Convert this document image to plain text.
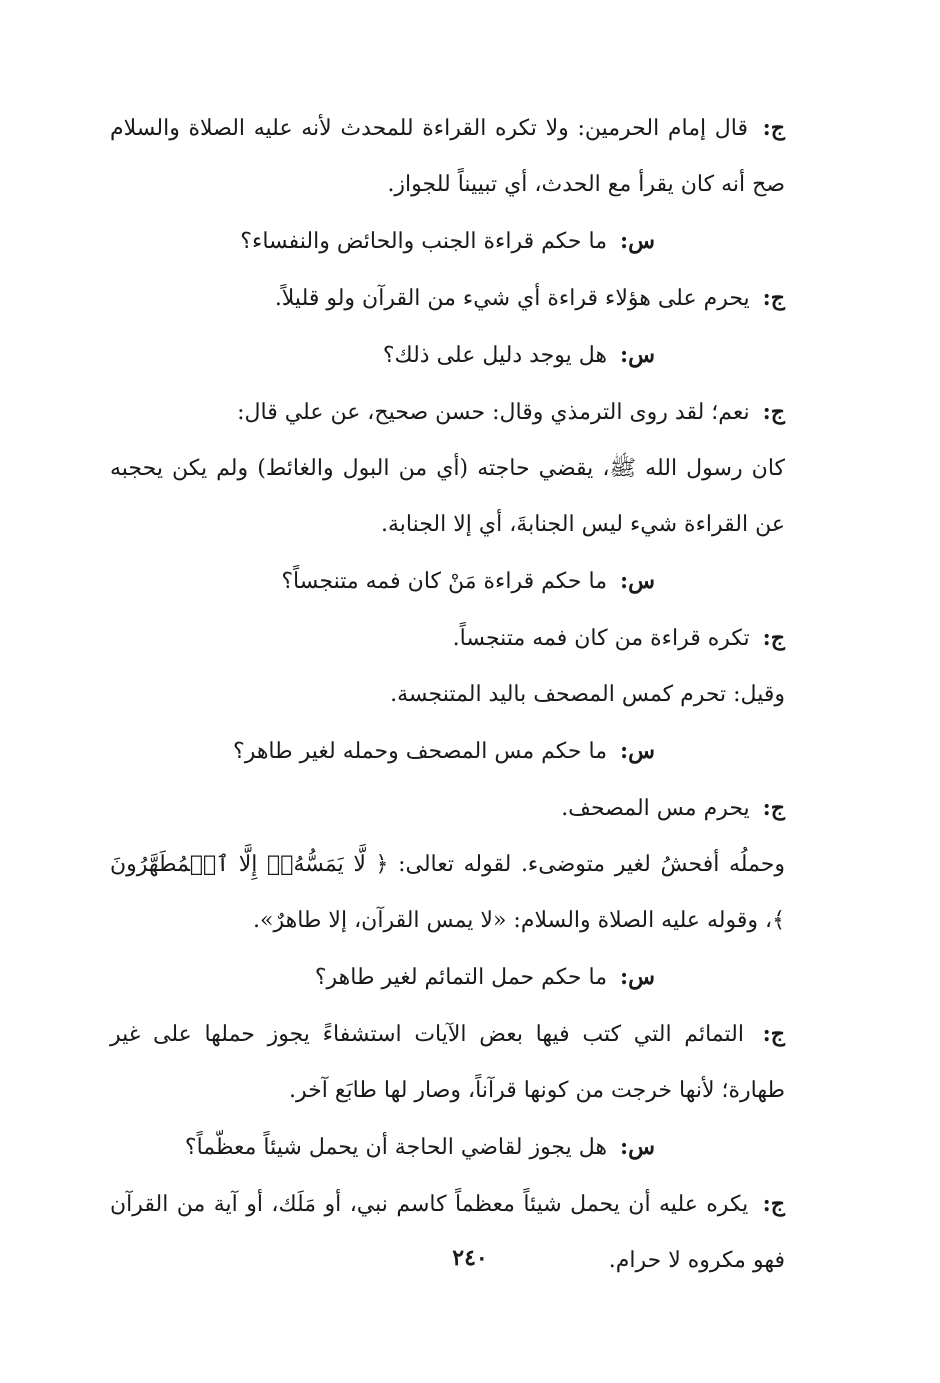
ج: قال إمام الحرمين: ولا تكره القراءة للمحدث لأنه عليه الصلاة والسلام صح أنه كان يقرأ مع الحدث، أي تبييناً للجواز.

س: ما حكم قراءة الجنب والحائض والنفساء؟

ج: يحرم على هؤلاء قراءة أي شيء من القرآن ولو قليلاً.

س: هل يوجد دليل على ذلك؟

ج: نعم؛ لقد روى الترمذي وقال: حسن صحيح، عن علي قال:

كان رسول الله ﷺ، يقضي حاجته (أي من البول والغائط) ولم يكن يحجبه عن القراءة شيء ليس الجنابةَ، أي إلا الجنابة.

س: ما حكم قراءة مَنْ كان فمه متنجساً؟

ج: تكره قراءة من كان فمه متنجساً.

وقيل: تحرم كمس المصحف باليد المتنجسة.

س: ما حكم مس المصحف وحمله لغير طاهر؟

ج: يحرم مس المصحف.

وحملُه أفحشُ لغير متوضىء. لقوله تعالى: ﴿ لَّا يَمَسُّهُۥٓ إِلَّا ٱلۡمُطَهَّرُونَ ﴾، وقوله عليه الصلاة والسلام: «لا يمس القرآن، إلا طاهرٌ».

س: ما حكم حمل التمائم لغير طاهر؟

ج: التمائم التي كتب فيها بعض الآيات استشفاءً يجوز حملها على غير طهارة؛ لأنها خرجت من كونها قرآناً، وصار لها طابَع آخر.

س: هل يجوز لقاضي الحاجة أن يحمل شيئاً معظّماً؟

ج: يكره عليه أن يحمل شيئاً معظماً كاسم نبي، أو مَلَك، أو آية من القرآن فهو مكروه لا حرام.

٢٤٠
